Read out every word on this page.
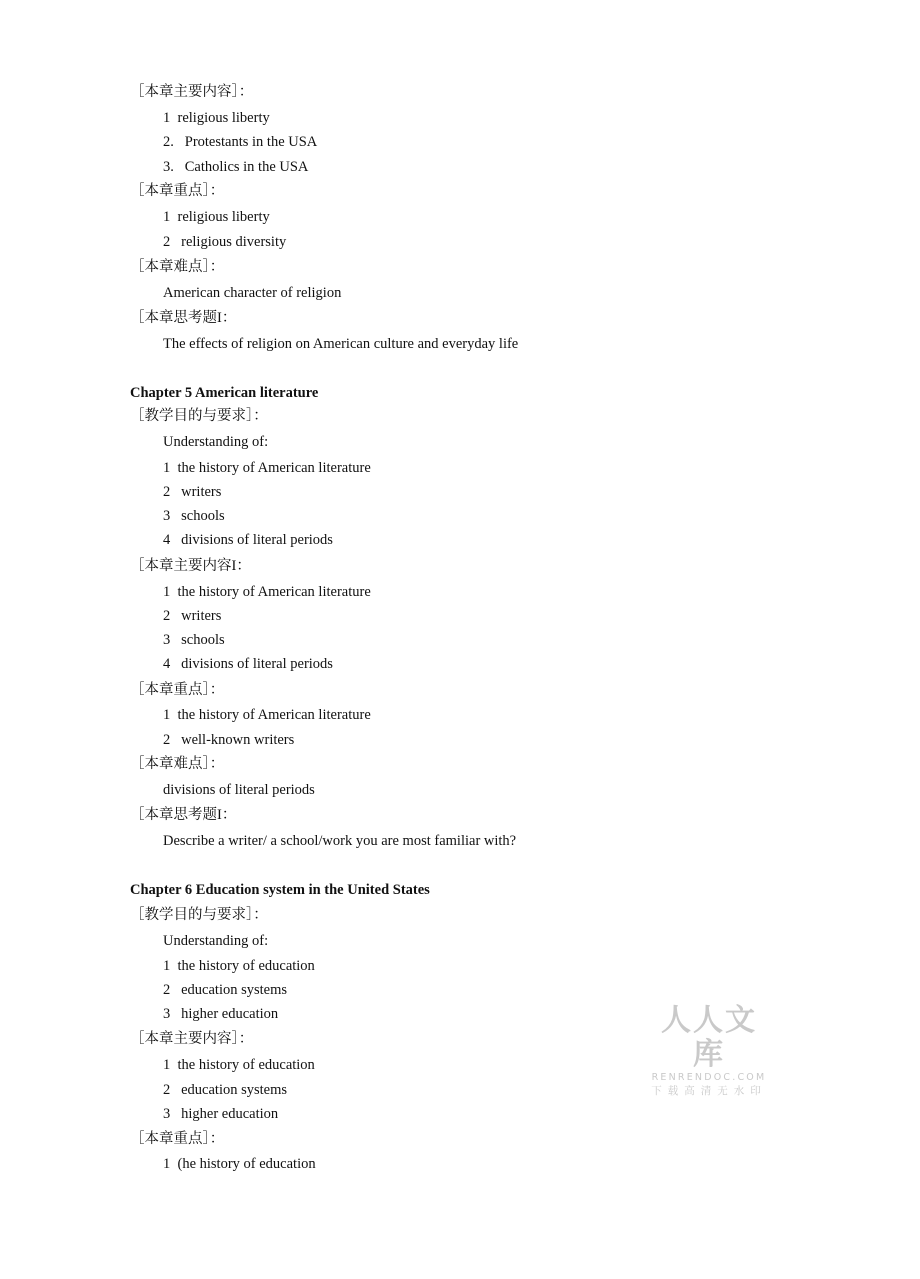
［本章主要内容］：
1  religious liberty
2.   Protestants in the USA
3.   Catholics in the USA
［本章重点］：
1  religious liberty
2   religious diversity
［本章难点］：
American character of religion
［本章思考题I：
The effects of religion on American culture and everyday life
Chapter 5 American literature
［教学目的与要求］：
Understanding of:
1  the history of American literature
2   writers
3   schools
4   divisions of literal periods
［本章主要内容I：
1  the history of American literature
2   writers
3   schools
4   divisions of literal periods
［本章重点］：
1  the history of American literature
2   well-known writers
［本章难点］：
divisions of literal periods
［本章思考题I：
Describe a writer/ a school/work you are most familiar with?
Chapter 6 Education system in the United States
［教学目的与要求］：
Understanding of:
1  the history of education
2   education systems
3   higher education
［本章主要内容］：
1  the history of education
2   education systems
3   higher education
［本章重点］：
1  (he history of education
人人文库
RENRENDOC.COM
下载高清无水印
